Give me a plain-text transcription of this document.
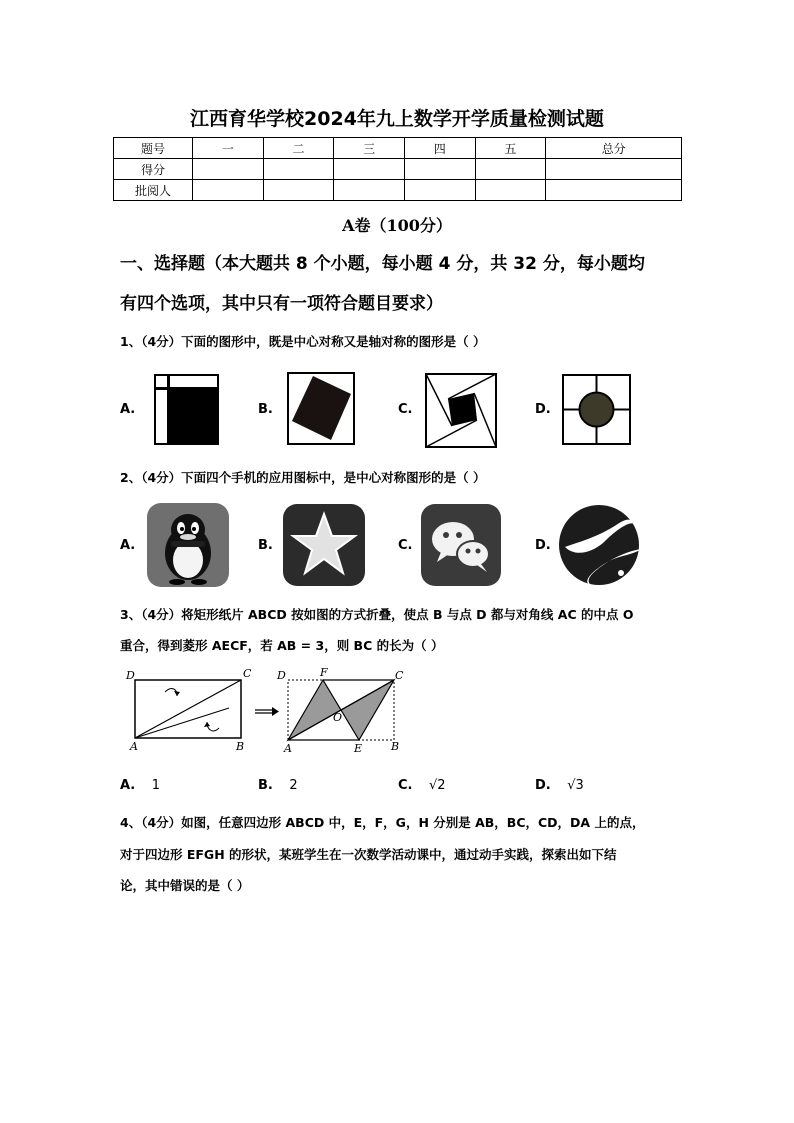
江西育华学校2024年九上数学开学质量检测试题
题号	一	二	三	四	五	总分
得分						
批阅人						
A卷（100分）
一、选择题（本大题共 8 个小题，每小题 4 分，共 32 分，每小题均
有四个选项，其中只有一项符合题目要求）
1、（4分）下面的图形中，既是中心对称又是轴对称的图形是（ ）
A.	B.	C.	D.
2、（4分）下面四个手机的应用图标中，是中心对称图形的是（ ）
A.	B.	C.	D.
3、（4分）将矩形纸片 ABCD 按如图的方式折叠，使点 B 与点 D 都与对角线 AC 的中点 O
重合，得到菱形 AECF，若 AB = 3，则 BC 的长为（ ）
D	C
A	B
D	F	C
O
A	E	B
A. 1	B. 2	C. √2	D. √3
4、（4分）如图，任意四边形 ABCD 中，E，F，G，H 分别是 AB，BC，CD，DA 上的点，
对于四边形 EFGH 的形状，某班学生在一次数学活动课中，通过动手实践，探索出如下结
论，其中错误的是（ ）
